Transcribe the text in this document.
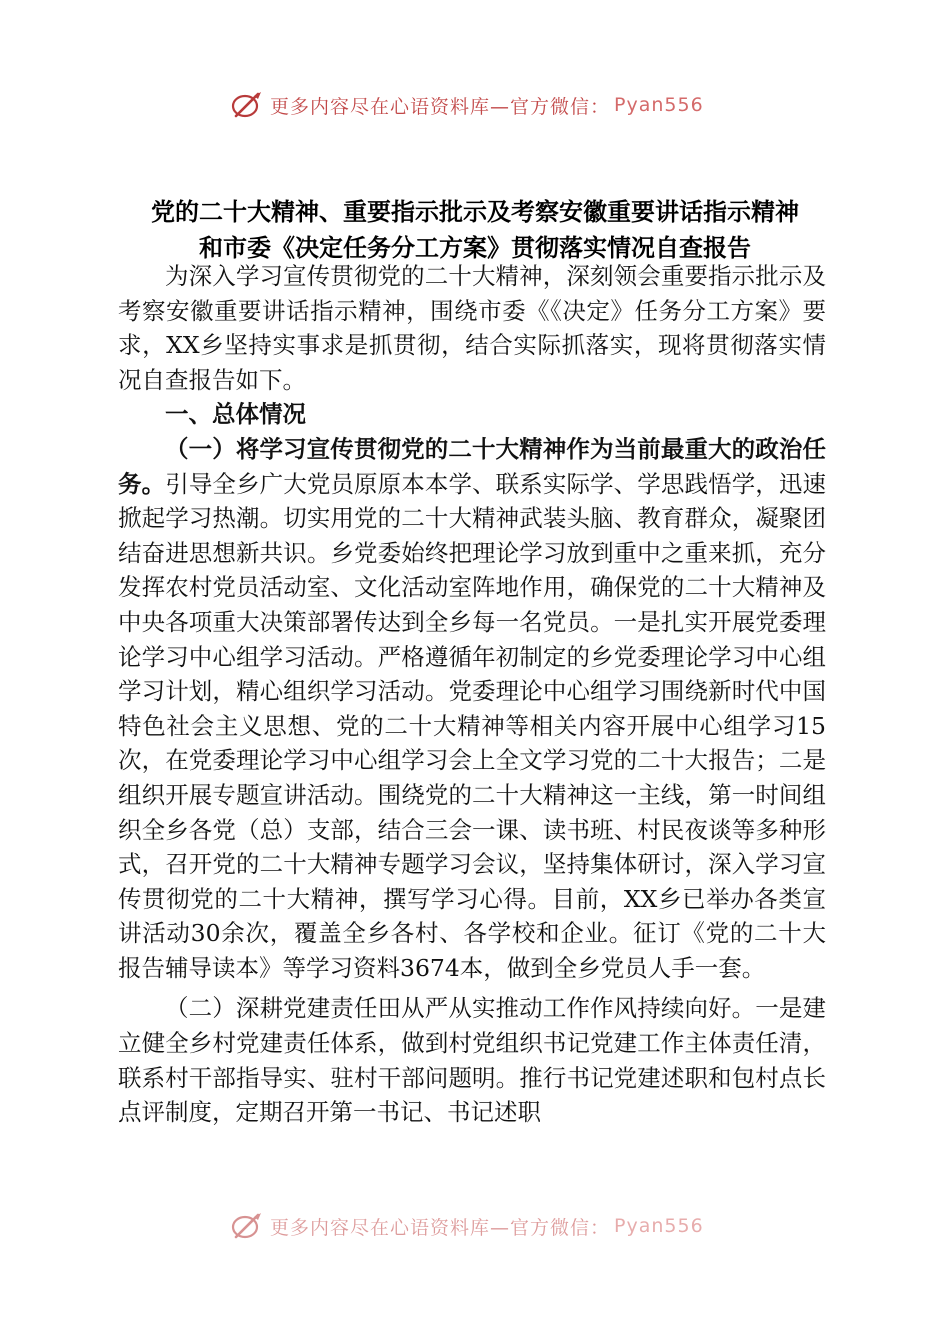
更多内容尽在心语资料库—官方微信： Pyan556
党的二十大精神、重要指示批示及考察安徽重要讲话指示精神
和市委《决定任务分工方案》贯彻落实情况自查报告

为深入学习宣传贯彻党的二十大精神，深刻领会重要指示批示及考察安徽重要讲话指示精神，围绕市委《《决定》任务分工方案》要求，XX乡坚持实事求是抓贯彻，结合实际抓落实，现将贯彻落实情况自查报告如下。

一、总体情况

（一）将学习宣传贯彻党的二十大精神作为当前最重大的政治任务。引导全乡广大党员原原本本学、联系实际学、学思践悟学，迅速掀起学习热潮。切实用党的二十大精神武装头脑、教育群众，凝聚团结奋进思想新共识。乡党委始终把理论学习放到重中之重来抓，充分发挥农村党员活动室、文化活动室阵地作用，确保党的二十大精神及中央各项重大决策部署传达到全乡每一名党员。一是扎实开展党委理论学习中心组学习活动。严格遵循年初制定的乡党委理论学习中心组学习计划，精心组织学习活动。党委理论中心组学习围绕新时代中国特色社会主义思想、党的二十大精神等相关内容开展中心组学习15次，在党委理论学习中心组学习会上全文学习党的二十大报告；二是组织开展专题宣讲活动。围绕党的二十大精神这一主线，第一时间组织全乡各党（总）支部，结合三会一课、读书班、村民夜谈等多种形式，召开党的二十大精神专题学习会议，坚持集体研讨，深入学习宣传贯彻党的二十大精神，撰写学习心得。目前，XX乡已举办各类宣讲活动30余次，覆盖全乡各村、各学校和企业。征订《党的二十大报告辅导读本》等学习资料3674本，做到全乡党员人手一套。

（二）深耕党建责任田从严从实推动工作作风持续向好。一是建立健全乡村党建责任体系，做到村党组织书记党建工作主体责任清，联系村干部指导实、驻村干部问题明。推行书记党建述职和包村点长点评制度，定期召开第一书记、书记述职

更多内容尽在心语资料库—官方微信： Pyan556
